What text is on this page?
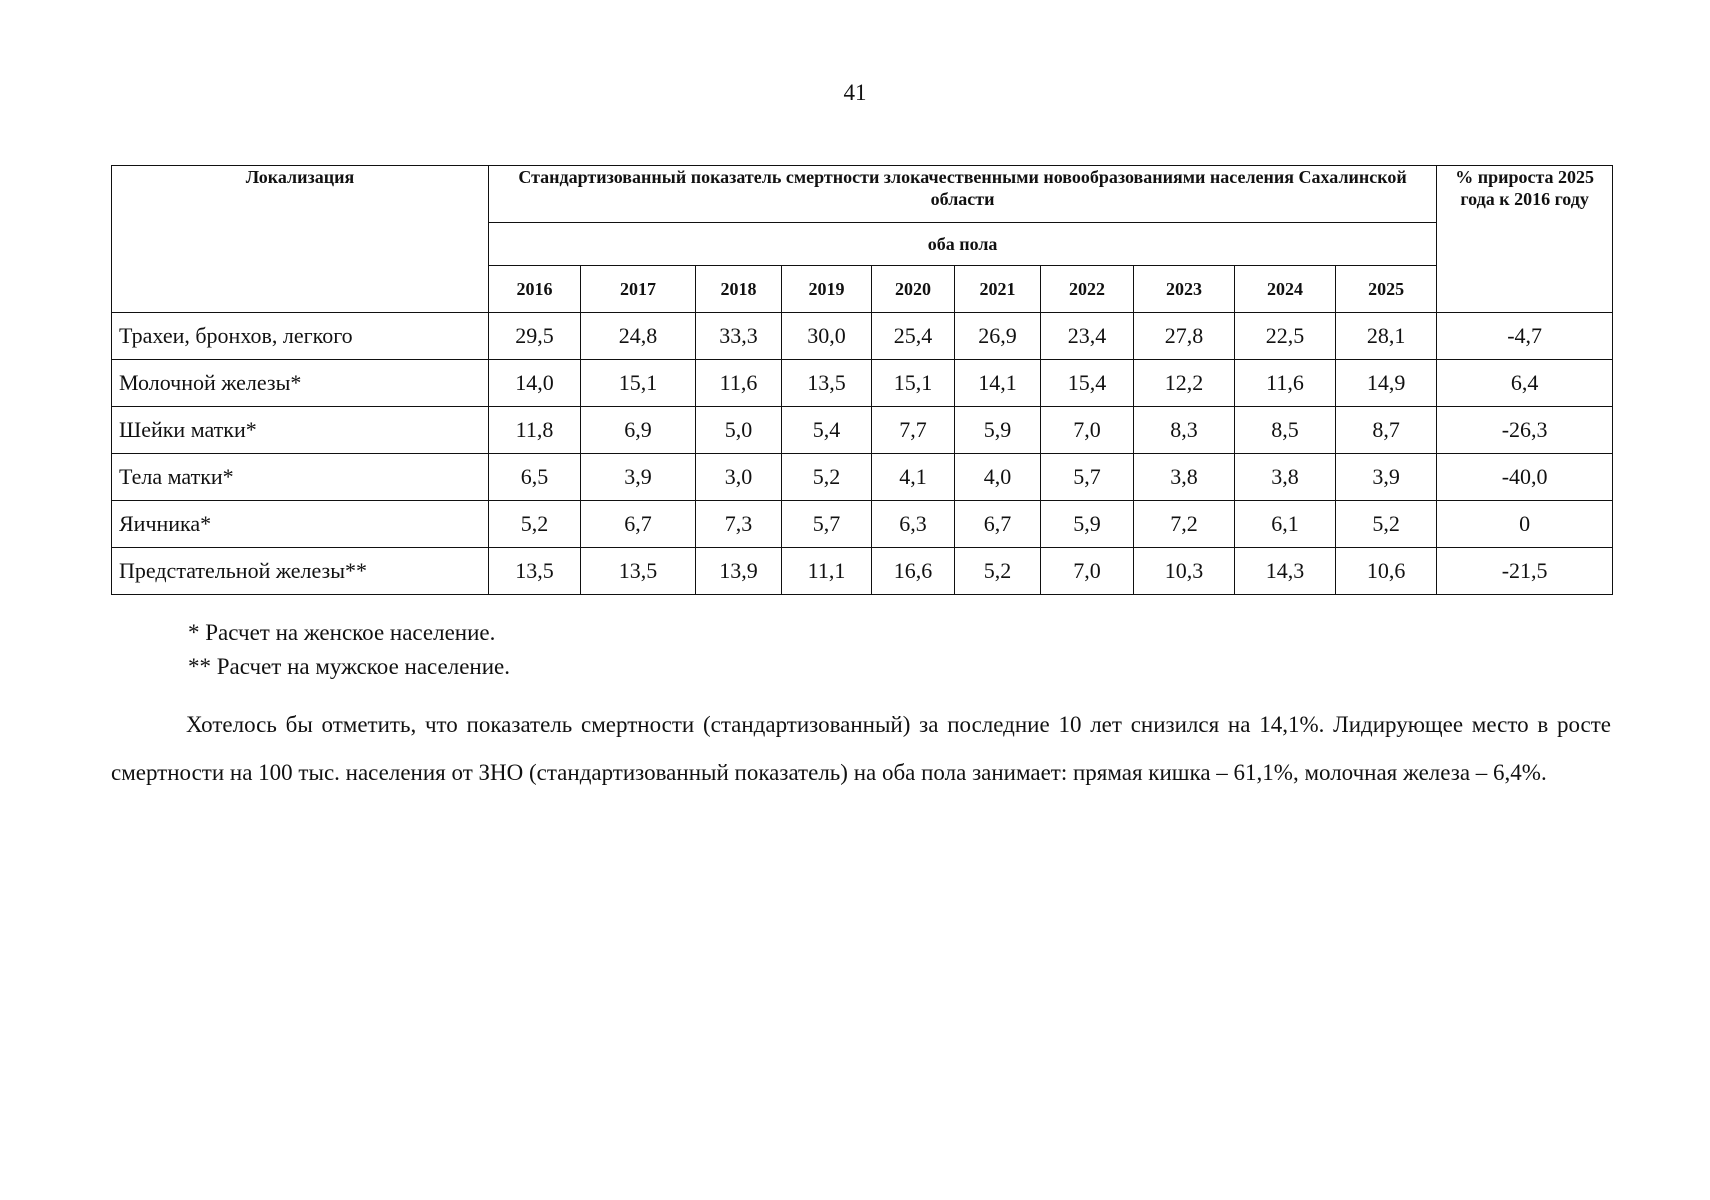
41
Локализация	Стандартизованный показатель смертности злокачественными новообразованиями населения Сахалинской области										% прироста 2025 года к 2016 году
	оба пола										
	2016	2017	2018	2019	2020	2021	2022	2023	2024	2025	
Трахеи, бронхов, легкого	29,5	24,8	33,3	30,0	25,4	26,9	23,4	27,8	22,5	28,1	-4,7
Молочной железы*	14,0	15,1	11,6	13,5	15,1	14,1	15,4	12,2	11,6	14,9	6,4
Шейки матки*	11,8	6,9	5,0	5,4	7,7	5,9	7,0	8,3	8,5	8,7	-26,3
Тела матки*	6,5	3,9	3,0	5,2	4,1	4,0	5,7	3,8	3,8	3,9	-40,0
Яичника*	5,2	6,7	7,3	5,7	6,3	6,7	5,9	7,2	6,1	5,2	0
Предстательной железы**	13,5	13,5	13,9	11,1	16,6	5,2	7,0	10,3	14,3	10,6	-21,5
* Расчет на женское население.
** Расчет на мужское население.

Хотелось бы отметить, что показатель смертности (стандартизованный) за последние 10 лет снизился на 14,1%. Лидирующее место в росте смертности на 100 тыс. населения от ЗНО (стандартизованный показатель) на оба пола занимает: прямая кишка – 61,1%, молочная железа – 6,4%.
